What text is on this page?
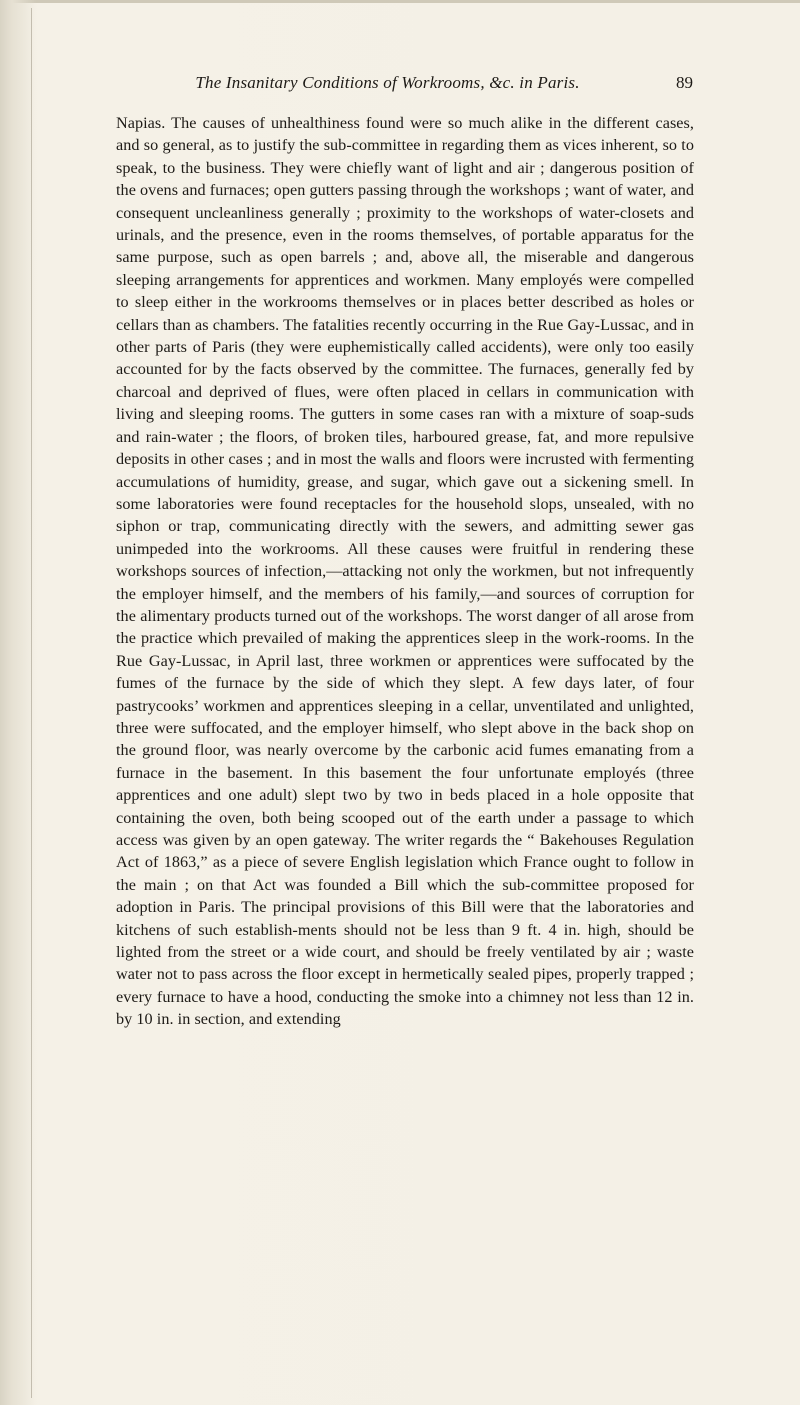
The Insanitary Conditions of Workrooms, &c. in Paris.	89

Napias. The causes of unhealthiness found were so much alike in the different cases, and so general, as to justify the sub-committee in regarding them as vices inherent, so to speak, to the business. They were chiefly want of light and air ; dangerous position of the ovens and furnaces; open gutters passing through the workshops ; want of water, and consequent uncleanliness generally ; proximity to the workshops of water-closets and urinals, and the presence, even in the rooms themselves, of portable apparatus for the same purpose, such as open barrels ; and, above all, the miserable and dangerous sleeping arrangements for apprentices and workmen. Many employés were compelled to sleep either in the workrooms themselves or in places better described as holes or cellars than as chambers. The fatalities recently occurring in the Rue Gay-Lussac, and in other parts of Paris (they were euphemistically called accidents), were only too easily accounted for by the facts observed by the committee. The furnaces, generally fed by charcoal and deprived of flues, were often placed in cellars in communication with living and sleeping rooms. The gutters in some cases ran with a mixture of soap-suds and rain-water ; the floors, of broken tiles, harboured grease, fat, and more repulsive deposits in other cases ; and in most the walls and floors were incrusted with fermenting accumulations of humidity, grease, and sugar, which gave out a sickening smell. In some laboratories were found receptacles for the household slops, unsealed, with no siphon or trap, communicating directly with the sewers, and admitting sewer gas unimpeded into the workrooms. All these causes were fruitful in rendering these workshops sources of infection,—attacking not only the workmen, but not infrequently the employer himself, and the members of his family,—and sources of corruption for the alimentary products turned out of the workshops. The worst danger of all arose from the practice which prevailed of making the apprentices sleep in the work-rooms. In the Rue Gay-Lussac, in April last, three workmen or apprentices were suffocated by the fumes of the furnace by the side of which they slept. A few days later, of four pastrycooks’ workmen and apprentices sleeping in a cellar, unventilated and unlighted, three were suffocated, and the employer himself, who slept above in the back shop on the ground floor, was nearly overcome by the carbonic acid fumes emanating from a furnace in the basement. In this basement the four unfortunate employés (three apprentices and one adult) slept two by two in beds placed in a hole opposite that containing the oven, both being scooped out of the earth under a passage to which access was given by an open gateway. The writer regards the “ Bakehouses Regulation Act of 1863,” as a piece of severe English legislation which France ought to follow in the main ; on that Act was founded a Bill which the sub-committee proposed for adoption in Paris. The principal provisions of this Bill were that the laboratories and kitchens of such establish-ments should not be less than 9 ft. 4 in. high, should be lighted from the street or a wide court, and should be freely ventilated by air ; waste water not to pass across the floor except in hermetically sealed pipes, properly trapped ; every furnace to have a hood, conducting the smoke into a chimney not less than 12 in. by 10 in. in section, and extending
